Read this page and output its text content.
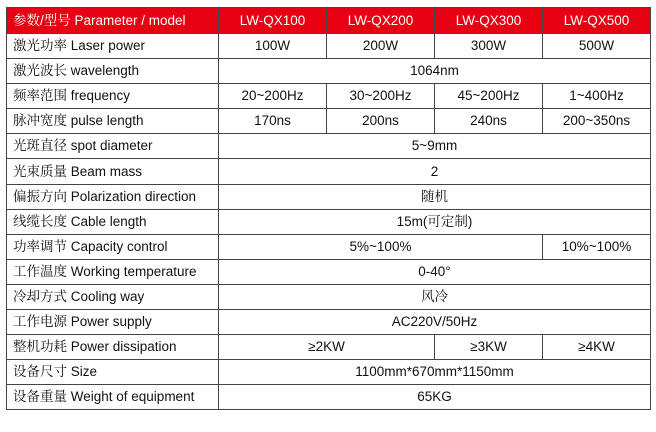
参数/型号 Parameter / model	LW-QX100	LW-QX200	LW-QX300	LW-QX500
激光功率 Laser power	100W	200W	300W	500W
激光波长 wavelength	1064nm			
频率范围 frequency	20~200Hz	30~200Hz	45~200Hz	1~400Hz
脉冲宽度 pulse length	170ns	200ns	240ns	200~350ns
光斑直径 spot diameter	5~9mm			
光束质量 Beam mass	2			
偏振方向 Polarization direction	随机			
线缆长度 Cable length	15m(可定制)			
功率调节 Capacity control	5%~100%			10%~100%
工作温度 Working temperature	0-40°			
冷却方式 Cooling way	风冷			
工作电源 Power supply	AC220V/50Hz			
整机功耗 Power dissipation	≥2KW		≥3KW	≥4KW
设备尺寸 Size	1100mm*670mm*1150mm			
设备重量 Weight of equipment	65KG			
